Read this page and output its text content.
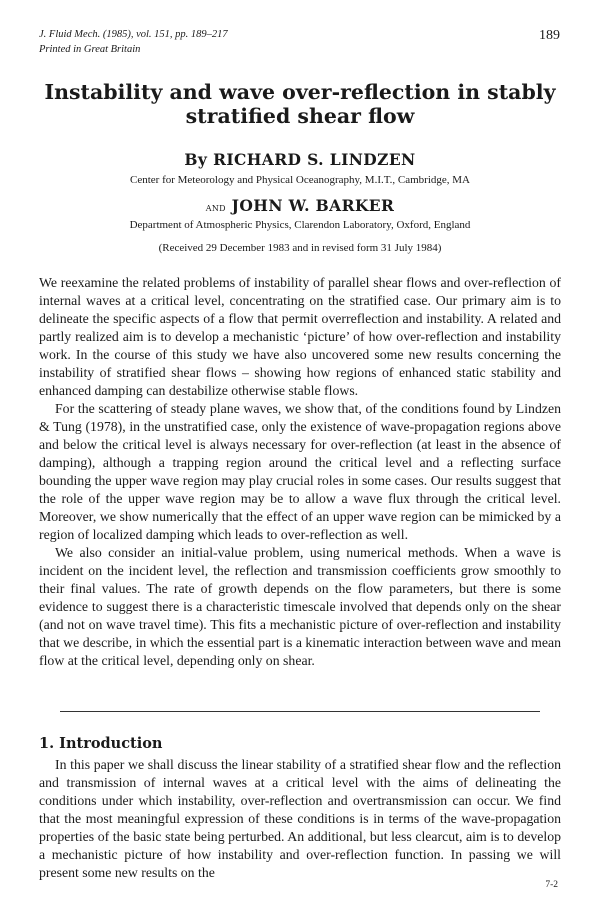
J. Fluid Mech. (1985), vol. 151, pp. 189–217
Printed in Great Britain
189
Instability and wave over-reflection in stably stratified shear flow
By RICHARD S. LINDZEN
Center for Meteorology and Physical Oceanography, M.I.T., Cambridge, MA
and JOHN W. BARKER
Department of Atmospheric Physics, Clarendon Laboratory, Oxford, England
(Received 29 December 1983 and in revised form 31 July 1984)

We reexamine the related problems of instability of parallel shear flows and over-reflection of internal waves at a critical level, concentrating on the stratified case. Our primary aim is to delineate the specific aspects of a flow that permit overreflection and instability. A related and partly realized aim is to develop a mechanistic ‘picture’ of how over-reflection and instability work. In the course of this study we have also uncovered some new results concerning the instability of stratified shear flows – showing how regions of enhanced static stability and enhanced damping can destabilize otherwise stable flows.

For the scattering of steady plane waves, we show that, of the conditions found by Lindzen & Tung (1978), in the unstratified case, only the existence of wave-propagation regions above and below the critical level is always necessary for over-reflection (at least in the absence of damping), although a trapping region around the critical level and a reflecting surface bounding the upper wave region may play crucial roles in some cases. Our results suggest that the role of the upper wave region may be to allow a wave flux through the critical level. Moreover, we show numerically that the effect of an upper wave region can be mimicked by a region of localized damping which leads to over-reflection as well.

We also consider an initial-value problem, using numerical methods. When a wave is incident on the incident level, the reflection and transmission coefficients grow smoothly to their final values. The rate of growth depends on the flow parameters, but there is some evidence to suggest there is a characteristic timescale involved that depends only on the shear (and not on wave travel time). This fits a mechanistic picture of over-reflection and instability that we describe, in which the essential part is a kinematic interaction between wave and mean flow at the critical level, depending only on shear.

1. Introduction
In this paper we shall discuss the linear stability of a stratified shear flow and the reflection and transmission of internal waves at a critical level with the aims of delineating the conditions under which instability, over-reflection and overtransmission can occur. We find that the most meaningful expression of these conditions is in terms of the wave-propagation properties of the basic state being perturbed. An additional, but less clearcut, aim is to develop a mechanistic picture of how instability and over-reflection function. In passing we will present some new results on the
7-2
